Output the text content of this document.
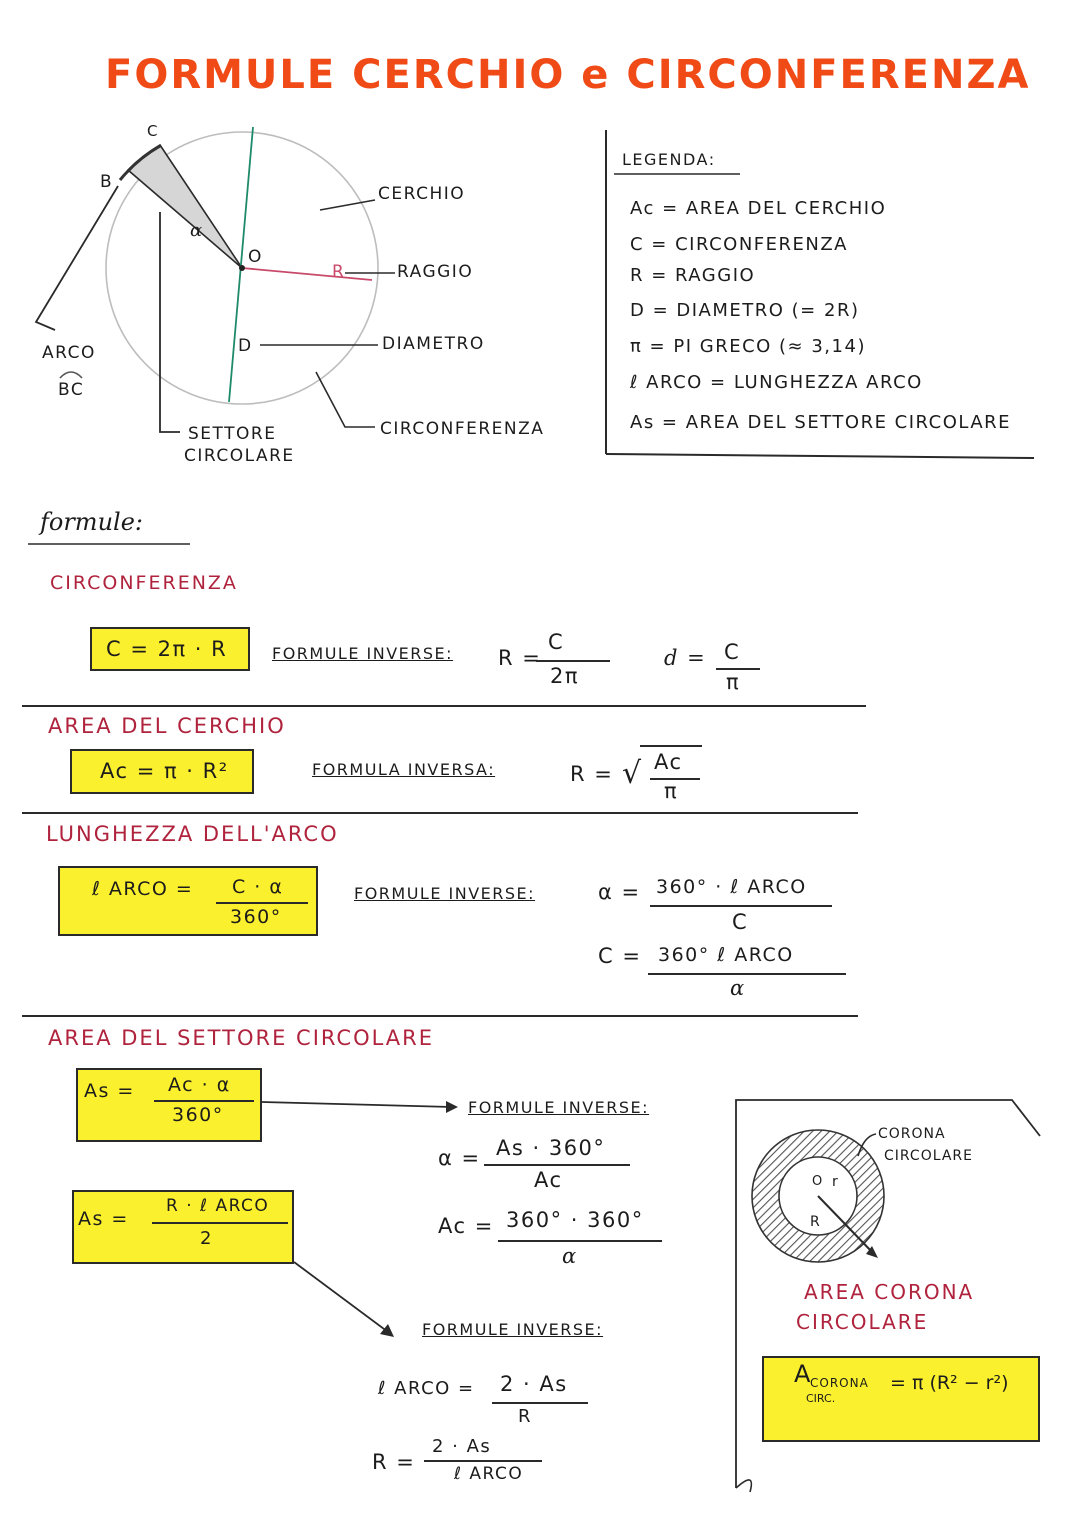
FORMULE CERCHIO e CIRCONFERENZA
C
B
O
α
R
D
CERCHIO
RAGGIO
DIAMETRO
CIRCONFERENZA
ARCO
BC
SETTORE
CIRCOLARE
LEGENDA:
Ac = AREA DEL CERCHIO
C = CIRCONFERENZA
R = RAGGIO
D = DIAMETRO (= 2R)
π = PI GRECO (≈ 3,14)
ℓ ARCO = LUNGHEZZA ARCO
As = AREA DEL SETTORE CIRCOLARE
formule:
CIRCONFERENZA
C = 2π · R	FORMULE INVERSE: R =
C
2π
d = C
π
AREA DEL CERCHIO
Ac = π · R²	FORMULA INVERSA:	R = √ Ac
π
LUNGHEZZA DELL'ARCO
ℓ ARCO = C · α
360°
FORMULE INVERSE:	α = 360° · ℓ ARCO
C
C = 360° ℓ ARCO
α
AREA DEL SETTORE CIRCOLARE
As = Ac · α
360°
As =
R · ℓ ARCO
2
FORMULE INVERSE:
α = As · 360°
Ac
Ac = 360° · 360°
α
FORMULE INVERSE:
ℓ ARCO = 2 · As
R
R =
2 · As
ℓ ARCO
CORONA
CIRCOLARE
O r
R
AREA CORONA
CIRCOLARE
A CORONA
CIRC.
= π (R² − r²)
